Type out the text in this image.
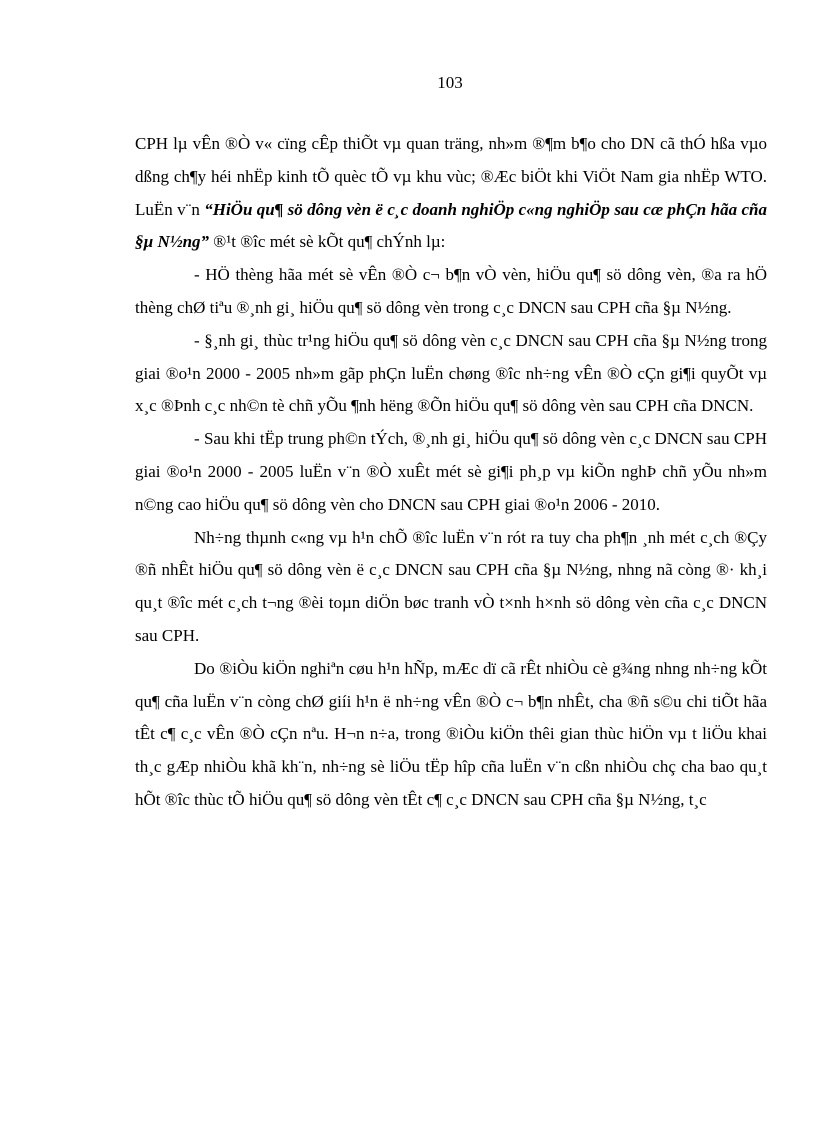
103

CPH lµ vÊn ®Ò v« cïng cÊp thiÕt vµ quan träng, nh»m ®¶m b¶o cho DN cã thÓ hßa vµo dßng ch¶y héi nhËp kinh tÕ quèc tÕ vµ khu vùc; ®Æc biÖt khi ViÖt Nam gia nhËp WTO. LuËn v¨n “HiÖu qu¶ sö dông vèn ë c¸c doanh nghiÖp c«ng nghiÖp sau cæ phÇn hãa cña §µ N½ng” ®¹t ®îc mét sè kÕt qu¶ chÝnh lµ:

- HÖ thèng hãa mét sè vÊn ®Ò c¬ b¶n vÒ vèn, hiÖu qu¶ sö dông vèn, ®a ra hÖ thèng chØ tiªu ®¸nh gi¸ hiÖu qu¶ sö dông vèn trong c¸c DNCN sau CPH cña §µ N½ng.

- §¸nh gi¸ thùc tr¹ng hiÖu qu¶ sö dông vèn c¸c DNCN sau CPH cña §µ N½ng trong giai ®o¹n 2000 - 2005 nh»m gãp phÇn luËn chøng ®îc nh÷ng vÊn ®Ò cÇn gi¶i quyÕt vµ x¸c ®Þnh c¸c nh©n tè chñ yÕu ¶nh hëng ®Õn hiÖu qu¶ sö dông vèn sau CPH cña DNCN.

- Sau khi tËp trung ph©n tÝch, ®¸nh gi¸ hiÖu qu¶ sö dông vèn c¸c DNCN sau CPH giai ®o¹n 2000 - 2005 luËn v¨n ®Ò xuÊt mét sè gi¶i ph¸p vµ kiÕn nghÞ chñ yÕu nh»m n©ng cao hiÖu qu¶ sö dông vèn cho DNCN sau CPH giai ®o¹n 2006 - 2010.

Nh÷ng thµnh c«ng vµ h¹n chÕ ®îc luËn v¨n rót ra tuy cha ph¶n ¸nh mét c¸ch ®Çy ®ñ nhÊt hiÖu qu¶ sö dông vèn ë c¸c DNCN sau CPH cña §µ N½ng, nhng nã còng ®· kh¸i qu¸t ®îc mét c¸ch t¬ng ®èi toµn diÖn bøc tranh vÒ t×nh h×nh sö dông vèn cña c¸c DNCN sau CPH.

Do ®iÒu kiÖn nghiªn cøu h¹n hÑp, mÆc dï cã rÊt nhiÒu cè g¾ng nhng nh÷ng kÕt qu¶ cña luËn v¨n còng chØ giíi h¹n ë nh÷ng vÊn ®Ò c¬ b¶n nhÊt, cha ®ñ s©u chi tiÕt hãa tÊt c¶ c¸c vÊn ®Ò cÇn nªu. H¬n n÷a, trong ®iÒu kiÖn thêi gian thùc hiÖn vµ t liÖu khai th¸c gÆp nhiÒu khã kh¨n, nh÷ng sè liÖu tËp hîp cña luËn v¨n cßn nhiÒu chç cha bao qu¸t hÕt ®îc thùc tÕ hiÖu qu¶ sö dông vèn tÊt c¶ c¸c DNCN sau CPH cña §µ N½ng, t¸c
